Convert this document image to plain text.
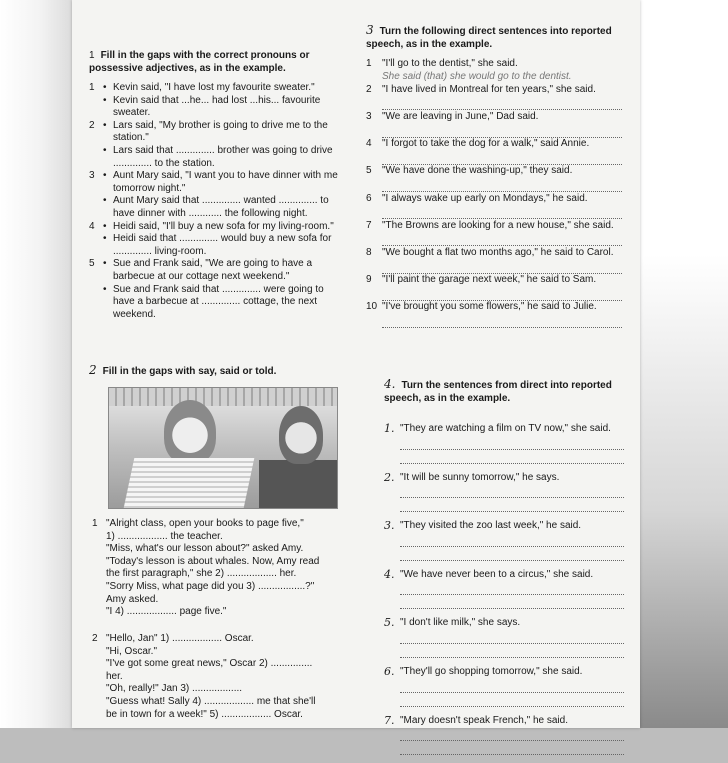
1 Fill in the gaps with the correct pronouns or possessive adjectives, as in the example.
1 • Kevin said, "I have lost my favourite sweater."
• Kevin said that ...he... had lost ...his... favourite sweater.
2 • Lars said, "My brother is going to drive me to the station."
• Lars said that .............. brother was going to drive .............. to the station.
3 • Aunt Mary said, "I want you to have dinner with me tomorrow night."
• Aunt Mary said that .............. wanted .............. to have dinner with ............ the following night.
4 • Heidi said, "I'll buy a new sofa for my living-room."
• Heidi said that .............. would buy a new sofa for .............. living-room.
5 • Sue and Frank said, "We are going to have a barbecue at our cottage next weekend."
• Sue and Frank said that .............. were going to have a barbecue at .............. cottage, the next weekend.
2 Fill in the gaps with say, said or told.
1 "Alright class, open your books to page five,"
1) .................. the teacher.
"Miss, what's our lesson about?" asked Amy.
"Today's lesson is about whales. Now, Amy read
the first paragraph," she 2) .................. her.
"Sorry Miss, what page did you 3) .................?"
Amy asked.
"I 4) .................. page five."
2 "Hello, Jan" 1) .................. Oscar.
"Hi, Oscar."
"I've got some great news," Oscar 2) ...............
her.
"Oh, really!" Jan 3) ..................
"Guess what! Sally 4) .................. me that she'll
be in town for a week!" 5) .................. Oscar.
3 Turn the following direct sentences into reported speech, as in the example.
1	"I'll go to the dentist," she said.
She said (that) she would go to the dentist.
2	"I have lived in Montreal for ten years," she said.
3	"We are leaving in June," Dad said.
4	"I forgot to take the dog for a walk," said Annie.
5	"We have done the washing-up," they said.
6	"I always wake up early on Mondays," he said.
7	"The Browns are looking for a new house," she said.
8	"We bought a flat two months ago," he said to Carol.
9	"I'll paint the garage next week," he said to Sam.
10 "I've brought you some flowers," he said to Julie.
4. Turn the sentences from direct into reported speech, as in the example.
1. "They are watching a film on TV now," she said.
2. "It will be sunny tomorrow," he says.
3. "They visited the zoo last week," he said.
4. "We have never been to a circus," she said.
5. "I don't like milk," she says.
6. "They'll go shopping tomorrow," she said.
7. "Mary doesn't speak French," he said.
